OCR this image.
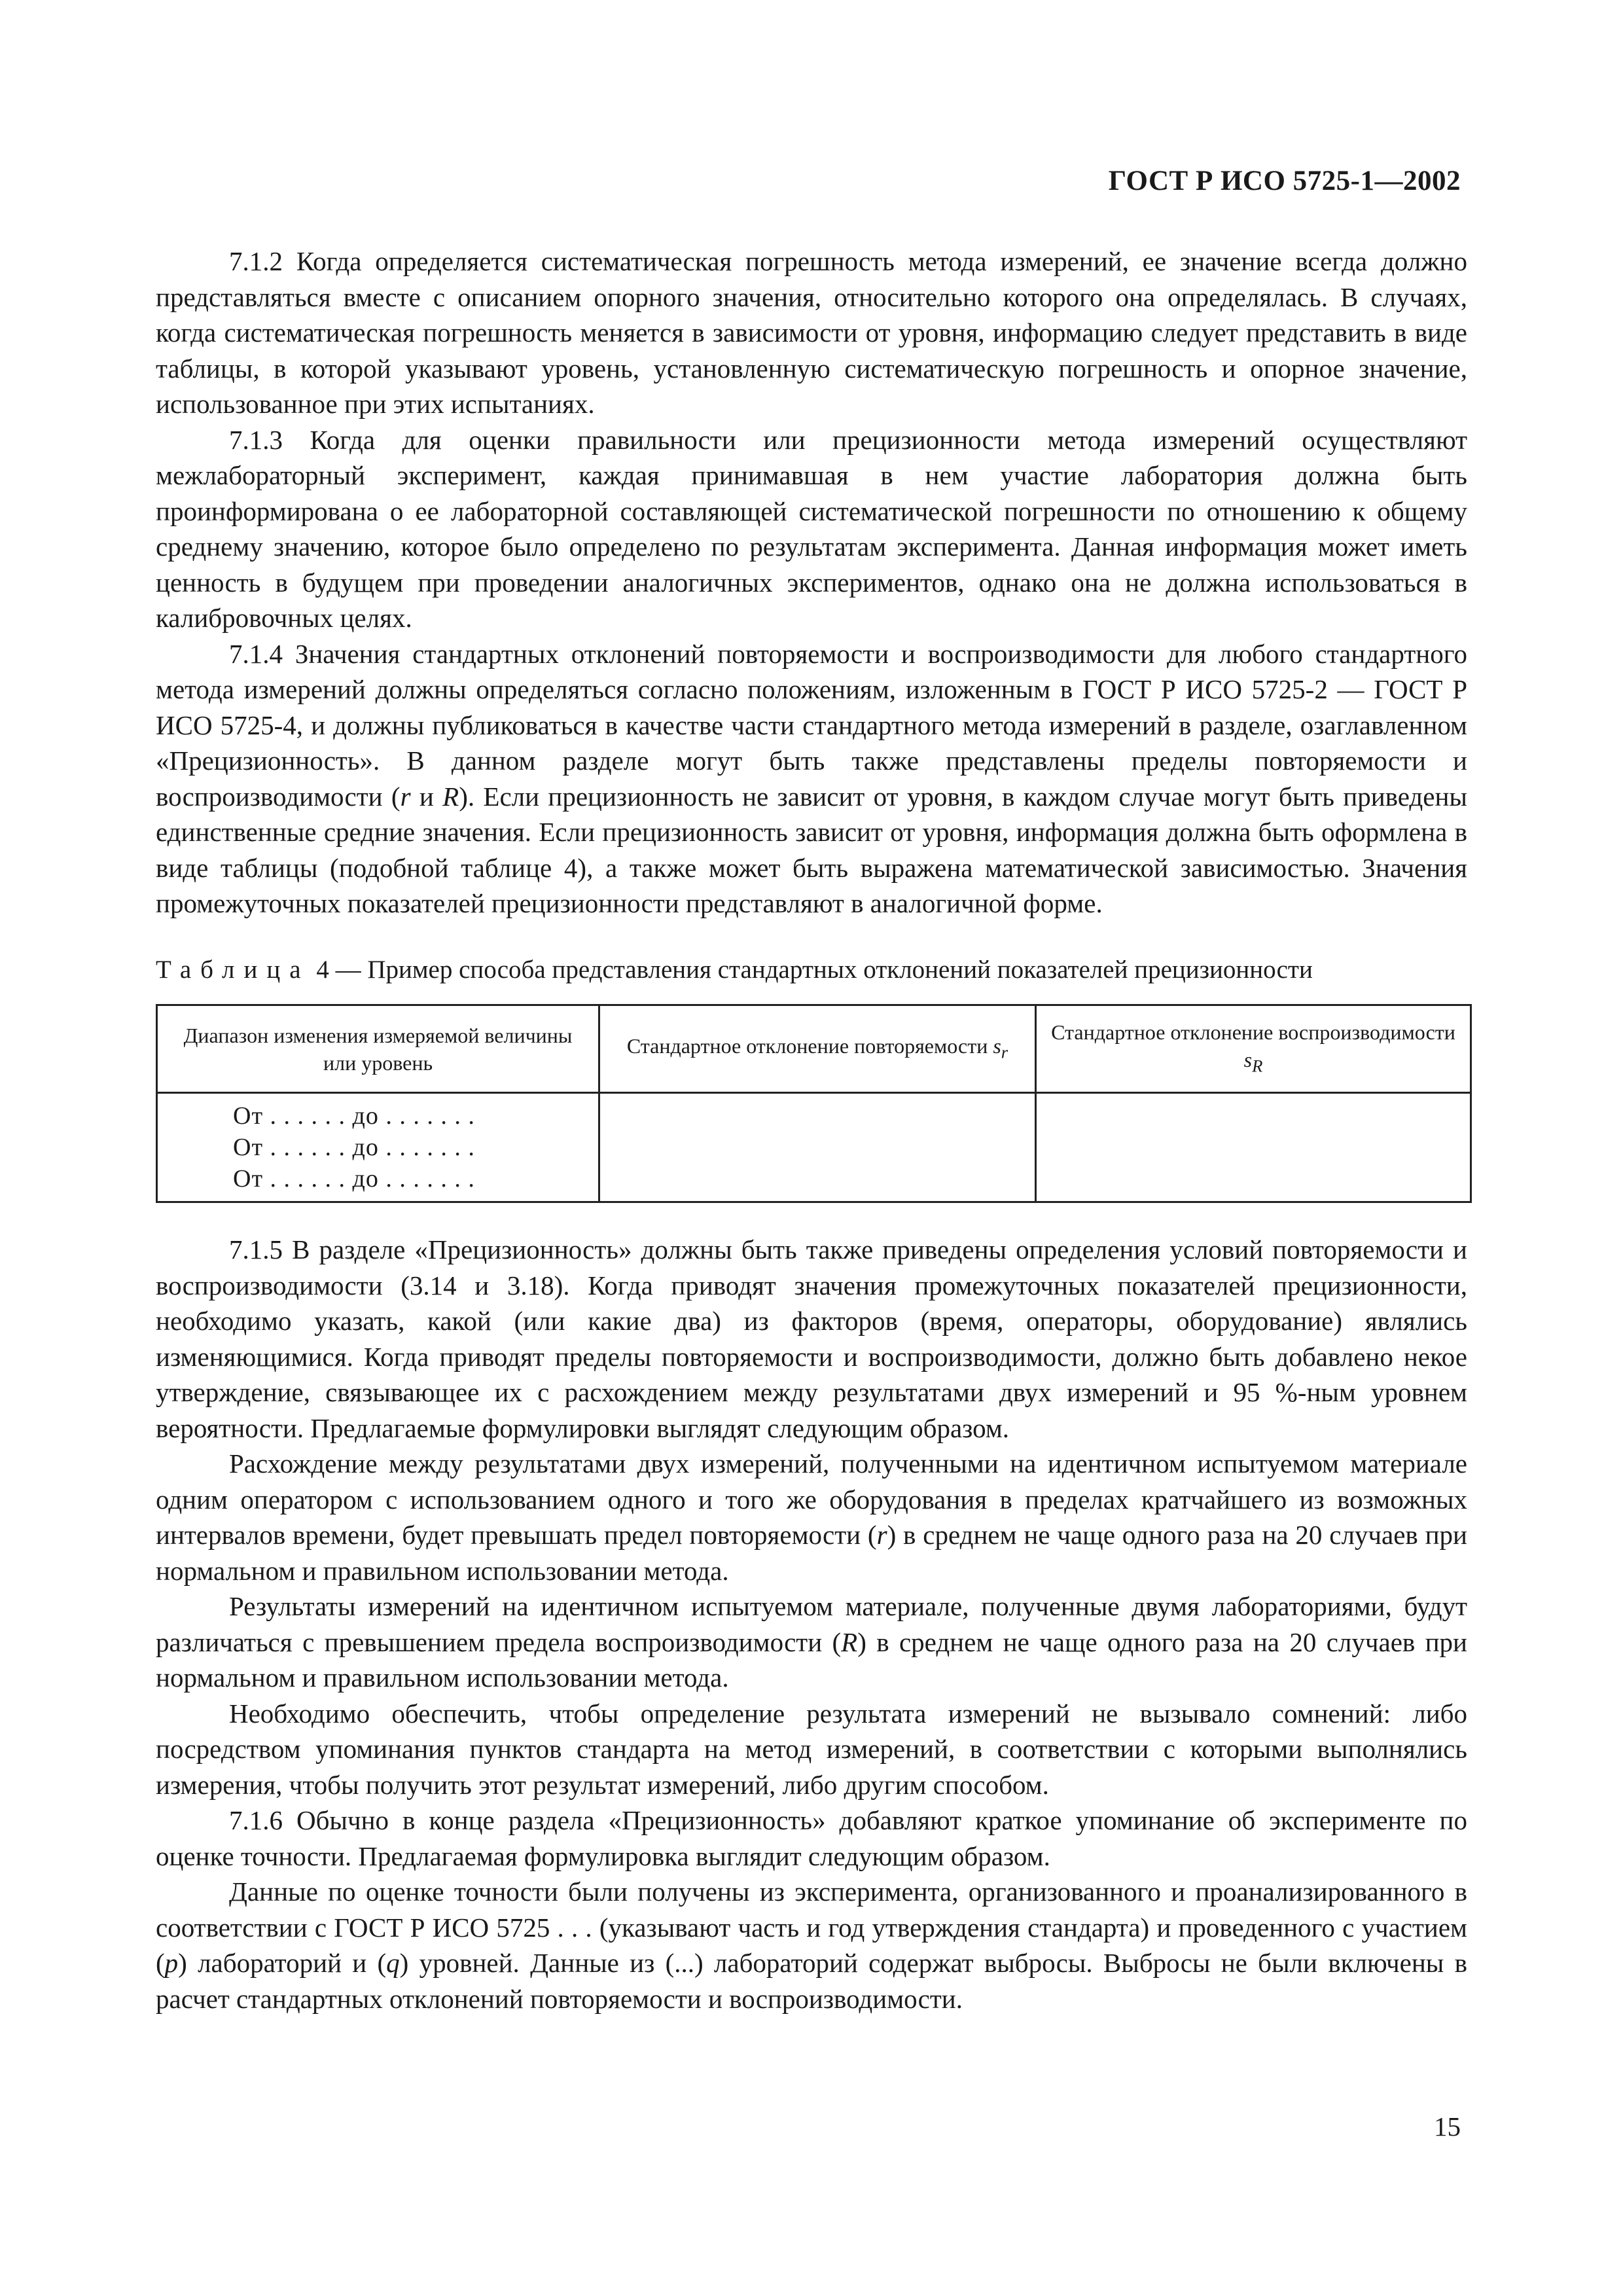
ГОСТ Р ИСО 5725-1—2002

7.1.2 Когда определяется систематическая погрешность метода измерений, ее значение всегда должно представляться вместе с описанием опорного значения, относительно которого она определялась. В случаях, когда систематическая погрешность меняется в зависимости от уровня, информацию следует представить в виде таблицы, в которой указывают уровень, установленную систематическую погрешность и опорное значение, использованное при этих испытаниях.

7.1.3 Когда для оценки правильности или прецизионности метода измерений осуществляют межлабораторный эксперимент, каждая принимавшая в нем участие лаборатория должна быть проинформирована о ее лабораторной составляющей систематической погрешности по отношению к общему среднему значению, которое было определено по результатам эксперимента. Данная информация может иметь ценность в будущем при проведении аналогичных экспериментов, однако она не должна использоваться в калибровочных целях.

7.1.4 Значения стандартных отклонений повторяемости и воспроизводимости для любого стандартного метода измерений должны определяться согласно положениям, изложенным в ГОСТ Р ИСО 5725-2 — ГОСТ Р ИСО 5725-4, и должны публиковаться в качестве части стандартного метода измерений в разделе, озаглавленном «Прецизионность». В данном разделе могут быть также представлены пределы повторяемости и воспроизводимости (r и R). Если прецизионность не зависит от уровня, в каждом случае могут быть приведены единственные средние значения. Если прецизионность зависит от уровня, информация должна быть оформлена в виде таблицы (подобной таблице 4), а также может быть выражена математической зависимостью. Значения промежуточных показателей прецизионности представляют в аналогичной форме.

Таблица 4 — Пример способа представления стандартных отклонений показателей прецизионности
Диапазон изменения измеряемой величины или уровень	Стандартное отклонение повторяемости $s_r$	Стандартное отклонение воспроизводимости $s_R$

От . . . . . . до . . . . . . .
От . . . . . . до . . . . . . .
От . . . . . . до . . . . . . .		

7.1.5 В разделе «Прецизионность» должны быть также приведены определения условий повторяемости и воспроизводимости (3.14 и 3.18). Когда приводят значения промежуточных показателей прецизионности, необходимо указать, какой (или какие два) из факторов (время, операторы, оборудование) являлись изменяющимися. Когда приводят пределы повторяемости и воспроизводимости, должно быть добавлено некое утверждение, связывающее их с расхождением между результатами двух измерений и 95 %-ным уровнем вероятности. Предлагаемые формулировки выглядят следующим образом.

Расхождение между результатами двух измерений, полученными на идентичном испытуемом материале одним оператором с использованием одного и того же оборудования в пределах кратчайшего из возможных интервалов времени, будет превышать предел повторяемости (r) в среднем не чаще одного раза на 20 случаев при нормальном и правильном использовании метода.

Результаты измерений на идентичном испытуемом материале, полученные двумя лабораториями, будут различаться с превышением предела воспроизводимости (R) в среднем не чаще одного раза на 20 случаев при нормальном и правильном использовании метода.

Необходимо обеспечить, чтобы определение результата измерений не вызывало сомнений: либо посредством упоминания пунктов стандарта на метод измерений, в соответствии с которыми выполнялись измерения, чтобы получить этот результат измерений, либо другим способом.

7.1.6 Обычно в конце раздела «Прецизионность» добавляют краткое упоминание об эксперименте по оценке точности. Предлагаемая формулировка выглядит следующим образом.

Данные по оценке точности были получены из эксперимента, организованного и проанализированного в соответствии с ГОСТ Р ИСО 5725 . . . (указывают часть и год утверждения стандарта) и проведенного с участием (p) лабораторий и (q) уровней. Данные из (...) лабораторий содержат выбросы. Выбросы не были включены в расчет стандартных отклонений повторяемости и воспроизводимости.

15
